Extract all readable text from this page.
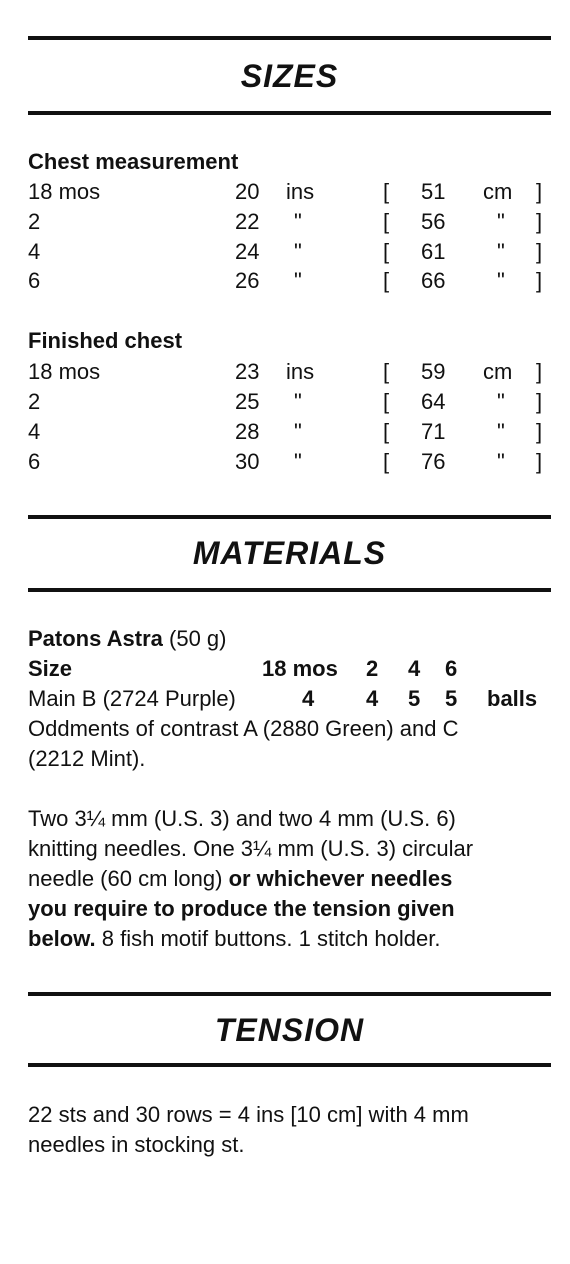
SIZES
Chest measurement
18 mos	20 ins	[ 51 cm ]
2	22	"	[ 56	" ]
4	24	"	[ 61	" ]
6	26	"	[ 66	" ]
Finished chest
18 mos	23 ins	[ 59 cm ]
2	25	"	[ 64	" ]
4	28	"	[ 71	" ]
6	30	"	[ 76	" ]
MATERIALS
Patons Astra (50 g)
Size	18 mos 2 4 6
Main B (2724 Purple)	4 4 5 5 balls
Oddments of contrast A (2880 Green) and C
(2212 Mint).
Two 3¼ mm (U.S. 3) and two 4 mm (U.S. 6)
knitting needles. One 3¼ mm (U.S. 3) circular
needle (60 cm long) or whichever needles
you require to produce the tension given
below. 8 fish motif buttons. 1 stitch holder.
TENSION
22 sts and 30 rows = 4 ins [10 cm] with 4 mm
needles in stocking st.
